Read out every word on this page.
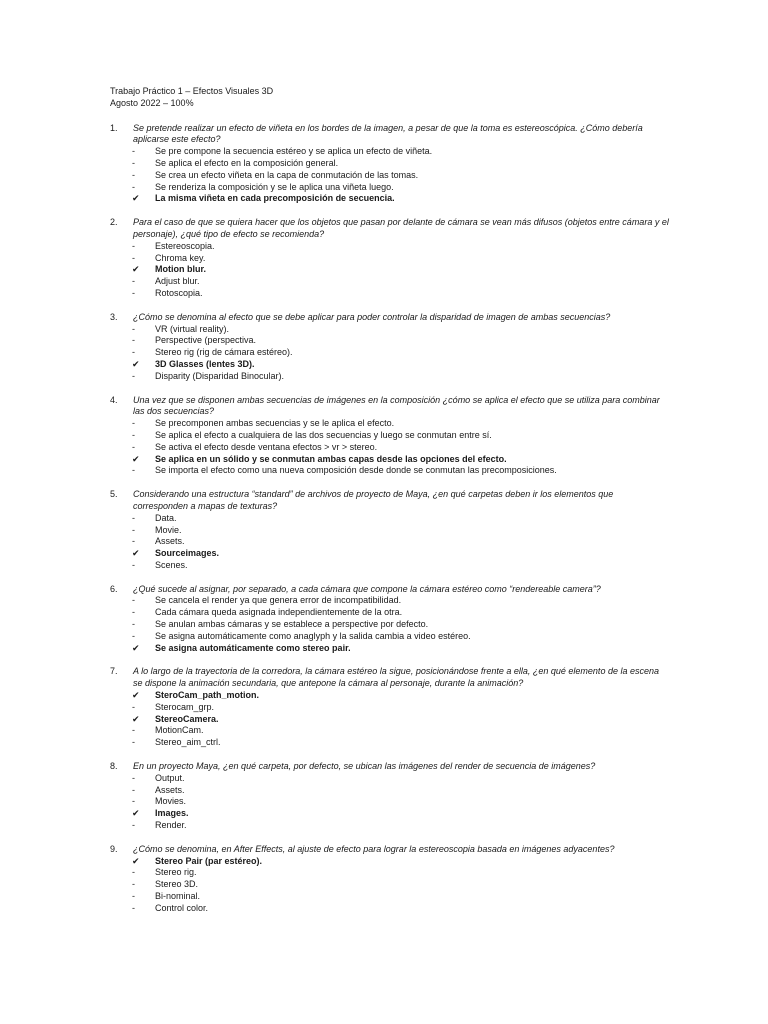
Trabajo Práctico 1 – Efectos Visuales 3D
Agosto 2022 – 100%
1.	Se pretende realizar un efecto de viñeta en los bordes de la imagen, a pesar de que la toma es estereoscópica. ¿Cómo debería aplicarse este efecto?
-	Se pre compone la secuencia estéreo y se aplica un efecto de viñeta.
-	Se aplica el efecto en la composición general.
-	Se crea un efecto viñeta en la capa de conmutación de las tomas.
-	Se renderiza la composición y se le aplica una viñeta luego.
✔	La misma viñeta en cada precomposición de secuencia.
2.	Para el caso de que se quiera hacer que los objetos que pasan por delante de cámara se vean más difusos (objetos entre cámara y el personaje), ¿qué tipo de efecto se recomienda?
-	Estereoscopia.
-	Chroma key.
✔	Motion blur.
-	Adjust blur.
-	Rotoscopia.
3.	¿Cómo se denomina al efecto que se debe aplicar para poder controlar la disparidad de imagen de ambas secuencias?
-	VR (virtual reality).
-	Perspective (perspectiva.
-	Stereo rig (rig de cámara estéreo).
✔	3D Glasses (lentes 3D).
-	Disparity (Disparidad Binocular).
4.	Una vez que se disponen ambas secuencias de imágenes en la composición ¿cómo se aplica el efecto que se utiliza para combinar las dos secuencias?
-	Se precomponen ambas secuencias y se le aplica el efecto.
-	Se aplica el efecto a cualquiera de las dos secuencias y luego se conmutan entre sí.
-	Se activa el efecto desde ventana efectos > vr > stereo.
✔	Se aplica en un sólido y se conmutan ambas capas desde las opciones del efecto.
-	Se importa el efecto como una nueva composición desde donde se conmutan las precomposiciones.
5.	Considerando una estructura “standard” de archivos de proyecto de Maya, ¿en qué carpetas deben ir los elementos que corresponden a mapas de texturas?
-	Data.
-	Movie.
-	Assets.
✔	Sourceimages.
-	Scenes.
6.	¿Qué sucede al asignar, por separado, a cada cámara que compone la cámara estéreo como “rendereable camera”?
-	Se cancela el render ya que genera error de incompatibilidad.
-	Cada cámara queda asignada independientemente de la otra.
-	Se anulan ambas cámaras y se establece a perspective por defecto.
-	Se asigna automáticamente como anaglyph y la salida cambia a video estéreo.
✔	Se asigna automáticamente como stereo pair.
7.	A lo largo de la trayectoria de la corredora, la cámara estéreo la sigue, posicionándose frente a ella, ¿en qué elemento de la escena se dispone la animación secundaria, que antepone la cámara al personaje, durante la animación?
✔	SteroCam_path_motion.
-	Sterocam_grp.
✔	StereoCamera.
-	MotionCam.
-	Stereo_aim_ctrl.
8.	En un proyecto Maya, ¿en qué carpeta, por defecto, se ubican las imágenes del render de secuencia de imágenes?
-	Output.
-	Assets.
-	Movies.
✔	Images.
-	Render.
9.	¿Cómo se denomina, en After Effects, al ajuste de efecto para lograr la estereoscopia basada en imágenes adyacentes?
✔	Stereo Pair (par estéreo).
-	Stereo rig.
-	Stereo 3D.
-	Bi-nominal.
-	Control color.
